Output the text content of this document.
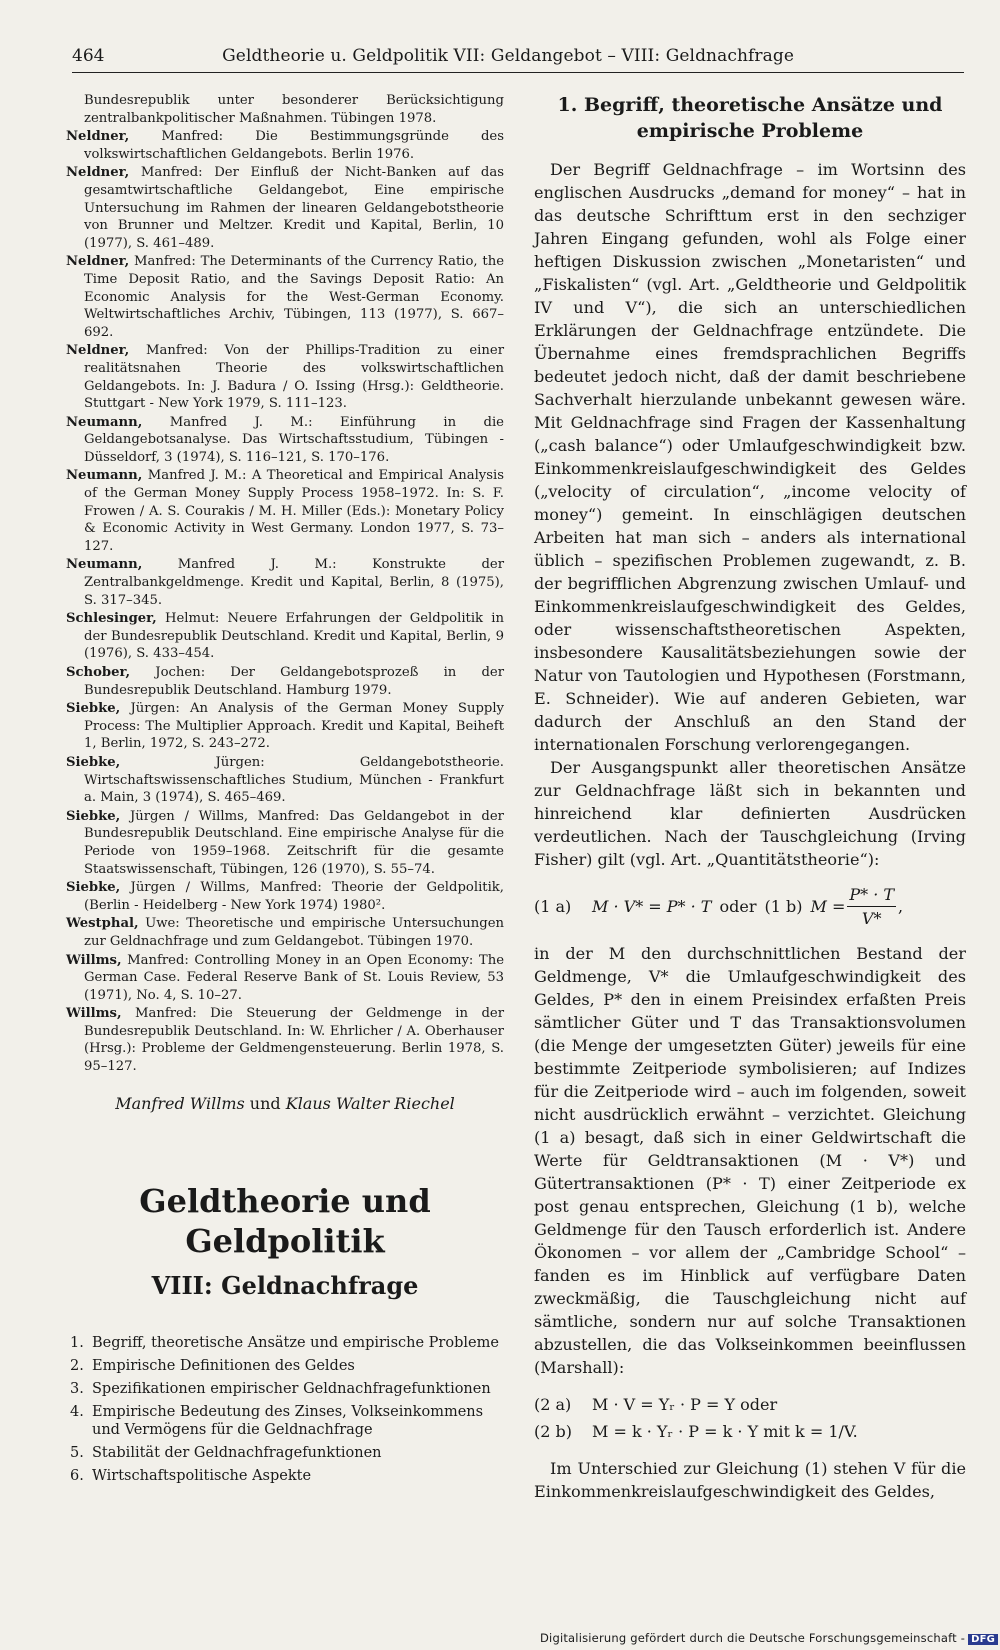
464	Geldtheorie u. Geldpolitik VII: Geldangebot – VIII: Geldnachfrage

Bundesrepublik unter besonderer Berücksichtigung zentralbankpolitischer Maßnahmen. Tübingen 1978.

Neldner, Manfred: Die Bestimmungsgründe des volkswirtschaftlichen Geldangebots. Berlin 1976.

Neldner, Manfred: Der Einfluß der Nicht-Banken auf das gesamtwirtschaftliche Geldangebot, Eine empirische Untersuchung im Rahmen der linearen Geldangebotstheorie von Brunner und Meltzer. Kredit und Kapital, Berlin, 10 (1977), S. 461–489.

Neldner, Manfred: The Determinants of the Currency Ratio, the Time Deposit Ratio, and the Savings Deposit Ratio: An Economic Analysis for the West-German Economy. Weltwirtschaftliches Archiv, Tübingen, 113 (1977), S. 667–692.

Neldner, Manfred: Von der Phillips-Tradition zu einer realitätsnahen Theorie des volkswirtschaftlichen Geldangebots. In: J. Badura / O. Issing (Hrsg.): Geldtheorie. Stuttgart - New York 1979, S. 111–123.

Neumann, Manfred J. M.: Einführung in die Geldangebotsanalyse. Das Wirtschaftsstudium, Tübingen - Düsseldorf, 3 (1974), S. 116–121, S. 170–176.

Neumann, Manfred J. M.: A Theoretical and Empirical Analysis of the German Money Supply Process 1958–1972. In: S. F. Frowen / A. S. Courakis / M. H. Miller (Eds.): Monetary Policy & Economic Activity in West Germany. London 1977, S. 73–127.

Neumann, Manfred J. M.: Konstrukte der Zentralbankgeldmenge. Kredit und Kapital, Berlin, 8 (1975), S. 317–345.

Schlesinger, Helmut: Neuere Erfahrungen der Geldpolitik in der Bundesrepublik Deutschland. Kredit und Kapital, Berlin, 9 (1976), S. 433–454.

Schober, Jochen: Der Geldangebotsprozeß in der Bundesrepublik Deutschland. Hamburg 1979.

Siebke, Jürgen: An Analysis of the German Money Supply Process: The Multiplier Approach. Kredit und Kapital, Beiheft 1, Berlin, 1972, S. 243–272.

Siebke, Jürgen: Geldangebotstheorie. Wirtschaftswissenschaftliches Studium, München - Frankfurt a. Main, 3 (1974), S. 465–469.

Siebke, Jürgen / Willms, Manfred: Das Geldangebot in der Bundesrepublik Deutschland. Eine empirische Analyse für die Periode von 1959–1968. Zeitschrift für die gesamte Staatswissenschaft, Tübingen, 126 (1970), S. 55–74.

Siebke, Jürgen / Willms, Manfred: Theorie der Geldpolitik, (Berlin - Heidelberg - New York 1974) 1980².

Westphal, Uwe: Theoretische und empirische Untersuchungen zur Geldnachfrage und zum Geldangebot. Tübingen 1970.

Willms, Manfred: Controlling Money in an Open Economy: The German Case. Federal Reserve Bank of St. Louis Review, 53 (1971), No. 4, S. 10–27.

Willms, Manfred: Die Steuerung der Geldmenge in der Bundesrepublik Deutschland. In: W. Ehrlicher / A. Oberhauser (Hrsg.): Probleme der Geldmengensteuerung. Berlin 1978, S. 95–127.

Manfred Willms und Klaus Walter Riechel

Geldtheorie und Geldpolitik
VIII: Geldnachfrage
1. Begriff, theoretische Ansätze und empirische Probleme
2. Empirische Definitionen des Geldes
3. Spezifikationen empirischer Geldnachfragefunktionen
4. Empirische Bedeutung des Zinses, Volkseinkommens und Vermögens für die Geldnachfrage
5. Stabilität der Geldnachfragefunktionen
6. Wirtschaftspolitische Aspekte
1. Begriff, theoretische Ansätze und empirische Probleme

Der Begriff Geldnachfrage – im Wortsinn des englischen Ausdrucks „demand for money“ – hat in das deutsche Schrifttum erst in den sechziger Jahren Eingang gefunden, wohl als Folge einer heftigen Diskussion zwischen „Monetaristen“ und „Fiskalisten“ (vgl. Art. „Geldtheorie und Geldpolitik IV und V“), die sich an unterschiedlichen Erklärungen der Geldnachfrage entzündete. Die Übernahme eines fremdsprachlichen Begriffs bedeutet jedoch nicht, daß der damit beschriebene Sachverhalt hierzulande unbekannt gewesen wäre. Mit Geldnachfrage sind Fragen der Kassenhaltung („cash balance“) oder Umlaufgeschwindigkeit bzw. Einkommenkreislaufgeschwindigkeit des Geldes („velocity of circulation“, „income velocity of money“) gemeint. In einschlägigen deutschen Arbeiten hat man sich – anders als international üblich – spezifischen Problemen zugewandt, z. B. der begrifflichen Abgrenzung zwischen Umlauf- und Einkommenkreislaufgeschwindigkeit des Geldes, oder wissenschaftstheoretischen Aspekten, insbesondere Kausalitätsbeziehungen sowie der Natur von Tautologien und Hypothesen (Forstmann, E. Schneider). Wie auf anderen Gebieten, war dadurch der Anschluß an den Stand der internationalen Forschung verlorengegangen.

Der Ausgangspunkt aller theoretischen Ansätze zur Geldnachfrage läßt sich in bekannten und hinreichend klar definierten Ausdrücken verdeutlichen. Nach der Tauschgleichung (Irving Fisher) gilt (vgl. Art. „Quantitätstheorie“):

(1 a)	M · V* = P* · T oder (1 b) $M = \frac{P* \cdot T}{V*}$ ,

in der M den durchschnittlichen Bestand der Geldmenge, V* die Umlaufgeschwindigkeit des Geldes, P* den in einem Preisindex erfaßten Preis sämtlicher Güter und T das Transaktionsvolumen (die Menge der umgesetzten Güter) jeweils für eine bestimmte Zeitperiode symbolisieren; auf Indizes für die Zeitperiode wird – auch im folgenden, soweit nicht ausdrücklich erwähnt – verzichtet. Gleichung (1 a) besagt, daß sich in einer Geldwirtschaft die Werte für Geldtransaktionen (M · V*) und Gütertransaktionen (P* · T) einer Zeitperiode ex post genau entsprechen, Gleichung (1 b), welche Geldmenge für den Tausch erforderlich ist. Andere Ökonomen – vor allem der „Cambridge School“ – fanden es im Hinblick auf verfügbare Daten zweckmäßig, die Tauschgleichung nicht auf sämtliche, sondern nur auf solche Transaktionen abzustellen, die das Volkseinkommen beeinflussen (Marshall):

(2 a)	M · V = Yᵣ · P = Y oder
(2 b)	M = k · Yᵣ · P = k · Y mit k = 1/V.

Im Unterschied zur Gleichung (1) stehen V für die Einkommenkreislaufgeschwindigkeit des Geldes,

Digitalisierung gefördert durch die Deutsche Forschungsgemeinschaft - DFG
